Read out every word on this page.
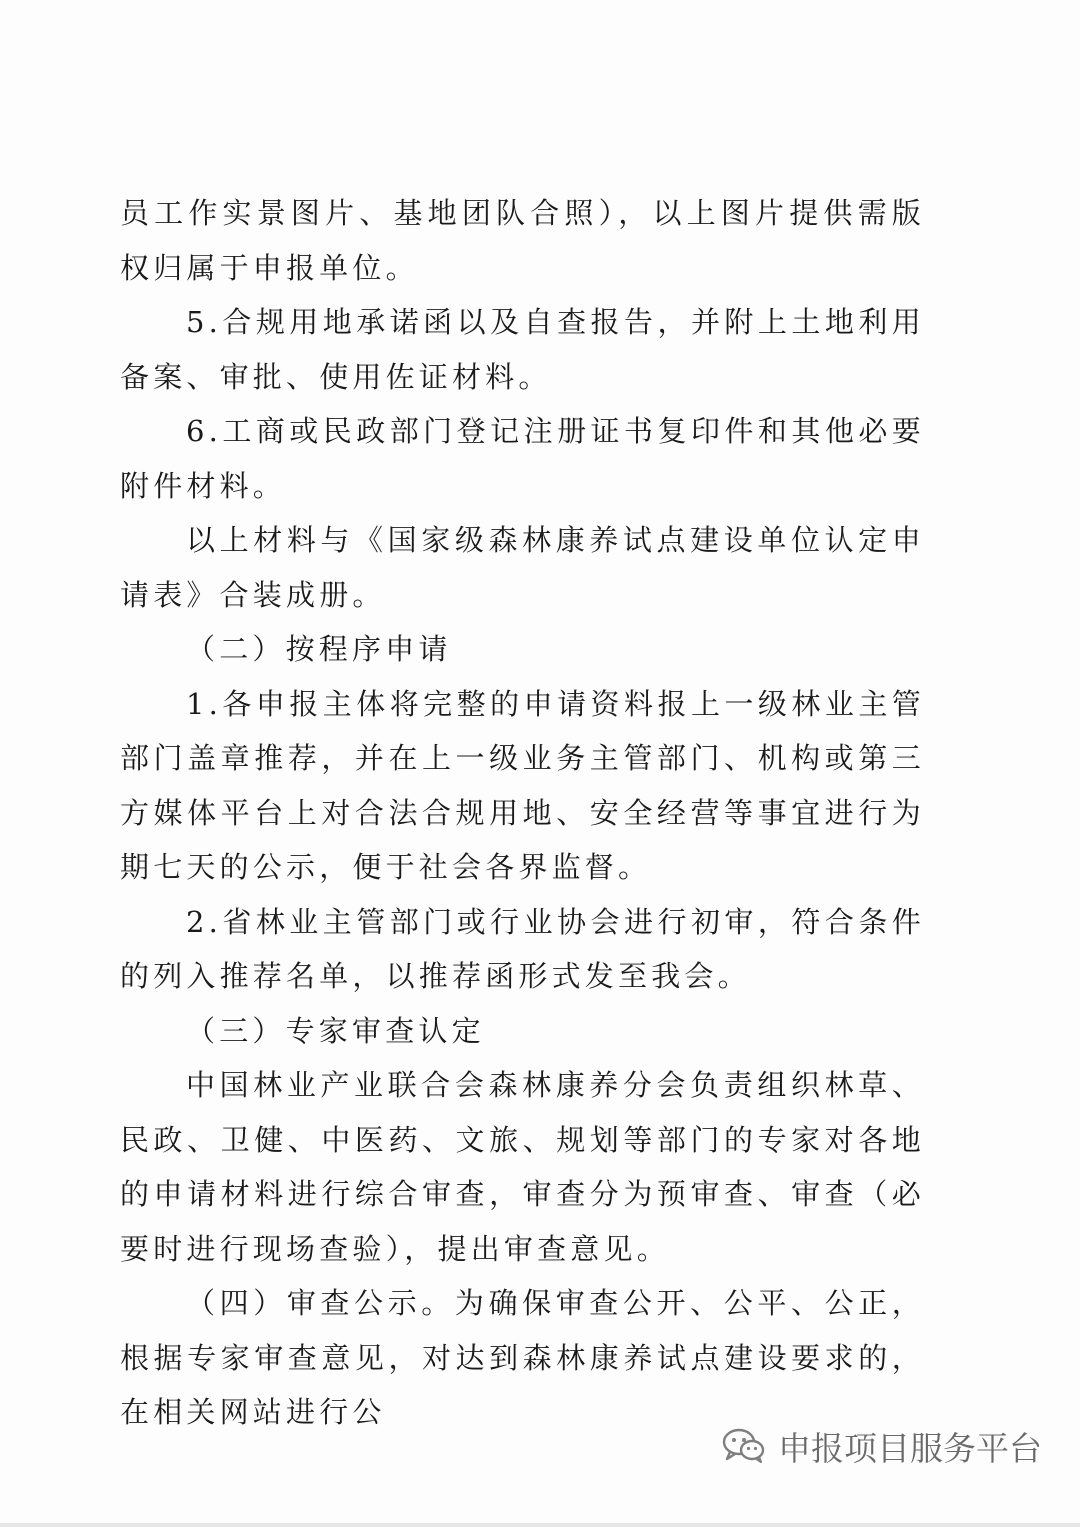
员工作实景图片、基地团队合照），以上图片提供需版权归属于申报单位。

5.合规用地承诺函以及自查报告，并附上土地利用备案、审批、使用佐证材料。

6.工商或民政部门登记注册证书复印件和其他必要附件材料。

以上材料与《国家级森林康养试点建设单位认定申请表》合装成册。

（二）按程序申请

1.各申报主体将完整的申请资料报上一级林业主管部门盖章推荐，并在上一级业务主管部门、机构或第三方媒体平台上对合法合规用地、安全经营等事宜进行为期七天的公示，便于社会各界监督。

2.省林业主管部门或行业协会进行初审，符合条件的列入推荐名单，以推荐函形式发至我会。

（三）专家审查认定

中国林业产业联合会森林康养分会负责组织林草、民政、卫健、中医药、文旅、规划等部门的专家对各地的申请材料进行综合审查，审查分为预审查、审查（必要时进行现场查验），提出审查意见。

（四）审查公示。为确保审查公开、公平、公正，根据专家审查意见，对达到森林康养试点建设要求的，在相关网站进行公

申报项目服务平台
